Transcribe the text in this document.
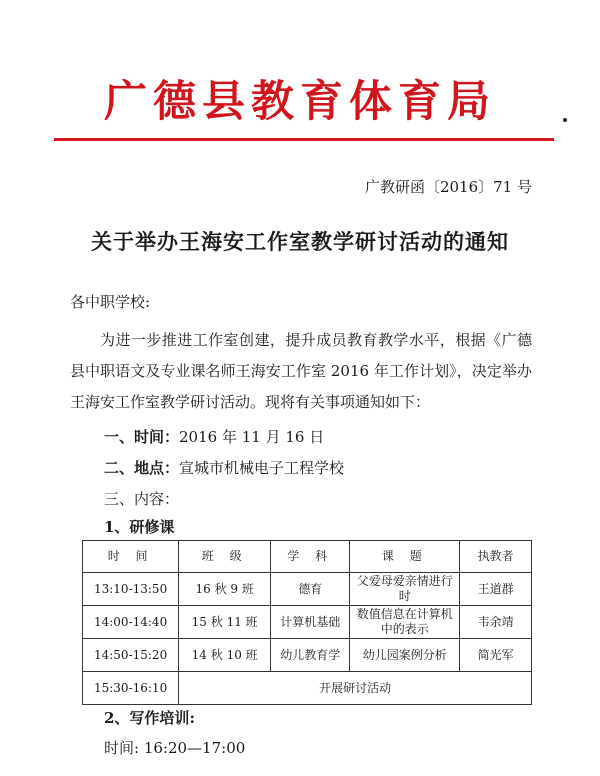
广德县教育体育局
广教研函〔2016〕71 号
关于举办王海安工作室教学研讨活动的通知
各中职学校:
为进一步推进工作室创建，提升成员教育教学水平，根据《广德县中职语文及专业课名师王海安工作室 2016 年工作计划》，决定举办王海安工作室教学研讨活动。现将有关事项通知如下：
一、时间：2016 年 11 月 16 日
二、地点：宣城市机械电子工程学校
三、内容：
1、研修课
时 间	班 级	学 科	课 题	执教者
13:10-13:50	16 秋 9 班	德育	父爱母爱亲情进行时	王道群
14:00-14:40	15 秋 11 班	计算机基础	数值信息在计算机中的表示	韦余靖
14:50-15:20	14 秋 10 班	幼儿教育学	幼儿园案例分析	简光军
15:30-16:10	开展研讨活动			
2、写作培训:
时间: 16:20—17:00
